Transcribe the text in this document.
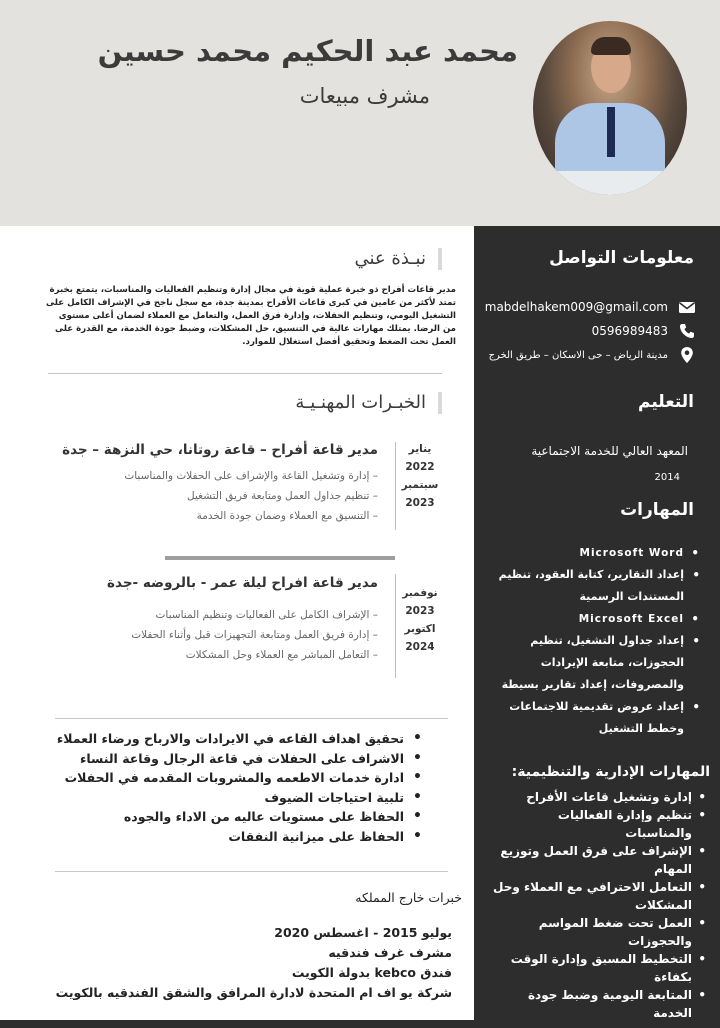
محمد عبد الحكيم محمد حسين
مشرف مبيعات
معلومات التواصل
mabdelhakem009@gmail.com
0596989483
مدينة الرياض – حى الاسكان – طريق الخرج
التعليم
المعهد العالي للخدمة الاجتماعية
2014
المهارات
• Microsoft Word
• إعداد التقارير، كتابة العقود، تنظيم المستندات الرسمية
• Microsoft Excel
• إعداد جداول التشغيل، تنظيم الحجوزات، متابعة الإيرادات والمصروفات، إعداد تقارير بسيطة
• إعداد عروض تقديمية للاجتماعات وخطط التشغيل
المهارات الإدارية والتنظيمية:
• إدارة وتشغيل قاعات الأفراح
• تنظيم وإدارة الفعاليات والمناسبات
• الإشراف على فرق العمل وتوزيع المهام
• التعامل الاحترافي مع العملاء وحل المشكلات
• العمل تحت ضغط المواسم والحجوزات
• التخطيط المسبق وإدارة الوقت بكفاءة
• المتابعة اليومية وضبط جودة الخدمة
نبـذة عني
مدير قاعات أفراح ذو خبرة عملية قوية في مجال إدارة وتنظيم الفعاليات والمناسبات، يتمتع بخبرة تمتد لأكثر من عامين في كبرى قاعات الأفراح بمدينة جدة، مع سجل ناجح في الإشراف الكامل على التشغيل اليومي، وتنظيم الحفلات، وإدارة فرق العمل، والتعامل مع العملاء لضمان أعلى مستوى من الرضا. يمتلك مهارات عالية في التنسيق، حل المشكلات، وضبط جودة الخدمة، مع القدرة على العمل تحت الضغط وتحقيق أفضل استغلال للموارد.
الخبـرات المهنـيـة
يناير
2022
سبتمبر
2023
مدير قاعة أفراح – قاعة روتانا، حي النزهة – جدة
– إدارة وتشغيل القاعة والإشراف على الحفلات والمناسبات
– تنظيم جداول العمل ومتابعة فريق التشغيل
– التنسيق مع العملاء وضمان جودة الخدمة
نوفمبر
2023
اكتوبر
2024
مدير قاعة افراح ليلة عمر - بالروضه -جدة
– الإشراف الكامل على الفعاليات وتنظيم المناسبات
– إدارة فريق العمل ومتابعة التجهيزات قبل وأثناء الحفلات
– التعامل المباشر مع العملاء وحل المشكلات
• تحقيق اهداف القاعه في الايرادات والارباح ورضاء العملاء
• الاشراف على الحفلات في قاعة الرجال وقاعة النساء
• ادارة خدمات الاطعمه والمشروبات المقدمه في الحفلات
• تلبية احتياجات الضيوف
• الحفاظ على مستويات عاليه من الاداء والجوده
• الحفاظ على ميزانية النفقات
خبرات خارج المملكه
يوليو 2015 - اغسطس 2020
مشرف غرف فندقيه
فندق kebco بدولة الكويت
شركة يو اف ام المتحدة لادارة المرافق والشقق الفندقيه بالكويت
